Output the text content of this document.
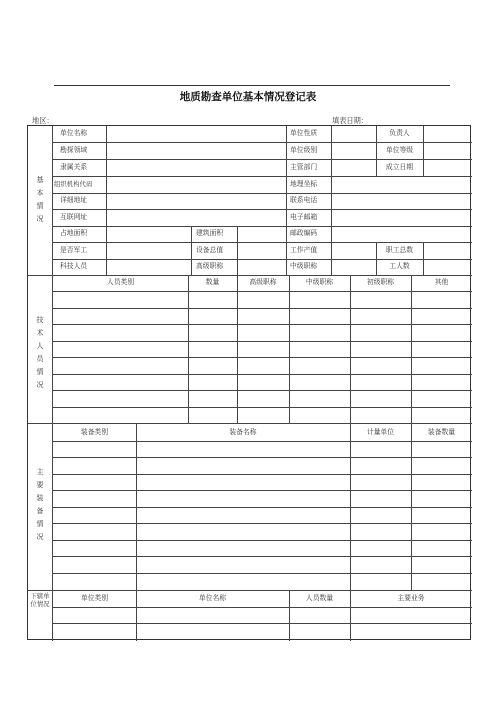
地质勘查单位基本情况登记表
地区：	填表日期：
基本情况
技术人员情况
主要装备情况
下辖单位情况
单位名称	单位性质	负责人
勘探领域	单位级别	单位等级
隶属关系	主管部门	成立日期
组织机构代码	地理坐标
详细地址	联系电话
互联网址	电子邮箱
占地面积	建筑面积	邮政编码
是否军工	设备总值	工作产值	职工总数
科技人员	高级职称	中级职称	工人数
人员类别	数量	高级职称	中级职称	初级职称	其他
装备类别	装备名称	计量单位	装备数量
单位类别	单位名称	人员数量	主要业务
